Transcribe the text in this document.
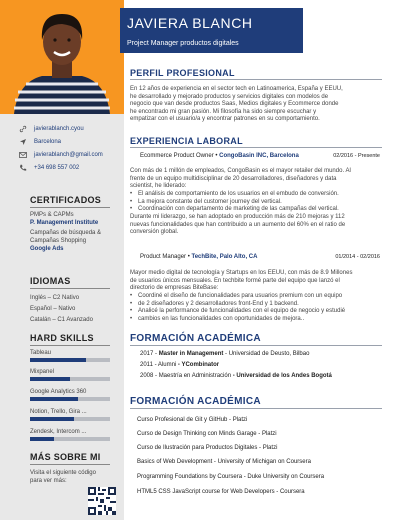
JAVIERA BLANCH
Project Manager productos digitales
javierablanch.cyou
Barcelona
javierablanch@gmail.com
+34 698 557 002
CERTIFICADOS
PMPs & CAPMs
P. Management Institute
Campañas de búsqueda &
Campañas Shopping
Google Ads
IDIOMAS
Inglés – C2 Nativo
Español – Nativo
Catalán – C1 Avanzado
HARD SKILLS
Tableau
Mixpanel
Google Analytics 360
Notion, Trello, Gira ...
Zendesk, Intercom ...
MÁS SOBRE MI
Visita el siguiente código
para ver más:
PERFIL PROFESIONAL
En 12 años de experiencia en el sector tech en Latinoamerica, España y EEUU,
he desarrollado y mejorado productos y servicios digitales con modelos de
negocio que van desde productos Saas, Medios digitales y Ecommerce donde
he encontrado mi gran pasión. Mi filosofía ha sido siempre escuchar y
empatizar con el usuario/a y encontrar patrones en su comportamiento.
EXPERIENCIA LABORAL
Ecommerce Product Owner • CongoBasin INC, Barcelona	02/2016 - Presente
Con más de 1 millón de empleados, CongoBasin es el mayor retailer del mundo. Al
frente de un equipo multidisciplinar de 20 desarrolladores, diseñadores y data
scientist, he liderado:
• El análisis de comportamiento de los usuarios en el embudo de conversión.
• La mejora constante del customer journey del vertical.
• Coordinación con departamento de marketing de las campañas del vertical.
Durante mi liderazgo, se han adoptado en producción más de 210 mejoras y 112
nuevas funcionalidades que han contribuido a un aumento del 60% en el ratio de
conversión global.
Product Manager • TechBite, Palo Alto, CA	01/2014 - 02/2016
Mayor medio digital de tecnología y Startups en los EEUU, con más de 8.9 Millones
de usuarios únicos mensuales. En techbite formé parte del equipo que lanzó el
directorio de empresas BiteBase:
• Coordiné el diseño de funcionalidades para usuarios premium con un equipo
• de 2 diseñadores y 2 desarrolladores front-End y 1 backend.
• Analicé la performance de funcionalidades con el equipo de negocio y estudié
• cambios en las funcionalidades con oportunidades de mejora..
FORMACIÓN ACADÉMICA
2017 - Master in Management - Universidad de Deusto, Bilbao
2011 - Alumni - YCombinator
2008 - Maestría en Administración - Universidad de los Andes Bogotá
FORMACIÓN ACADÉMICA
Curso Profesional de Git y GitHub - Platzi
Curso de Design Thinking con Minds Garage - Platzi
Curso de Ilustración para Productos Digitales - Platzi
Basics of Web Development - University of Michigan on Coursera
Programming Foundations by Coursera - Duke University on Coursera
HTML5 CSS JavaScript course for Web Developers - Coursera
